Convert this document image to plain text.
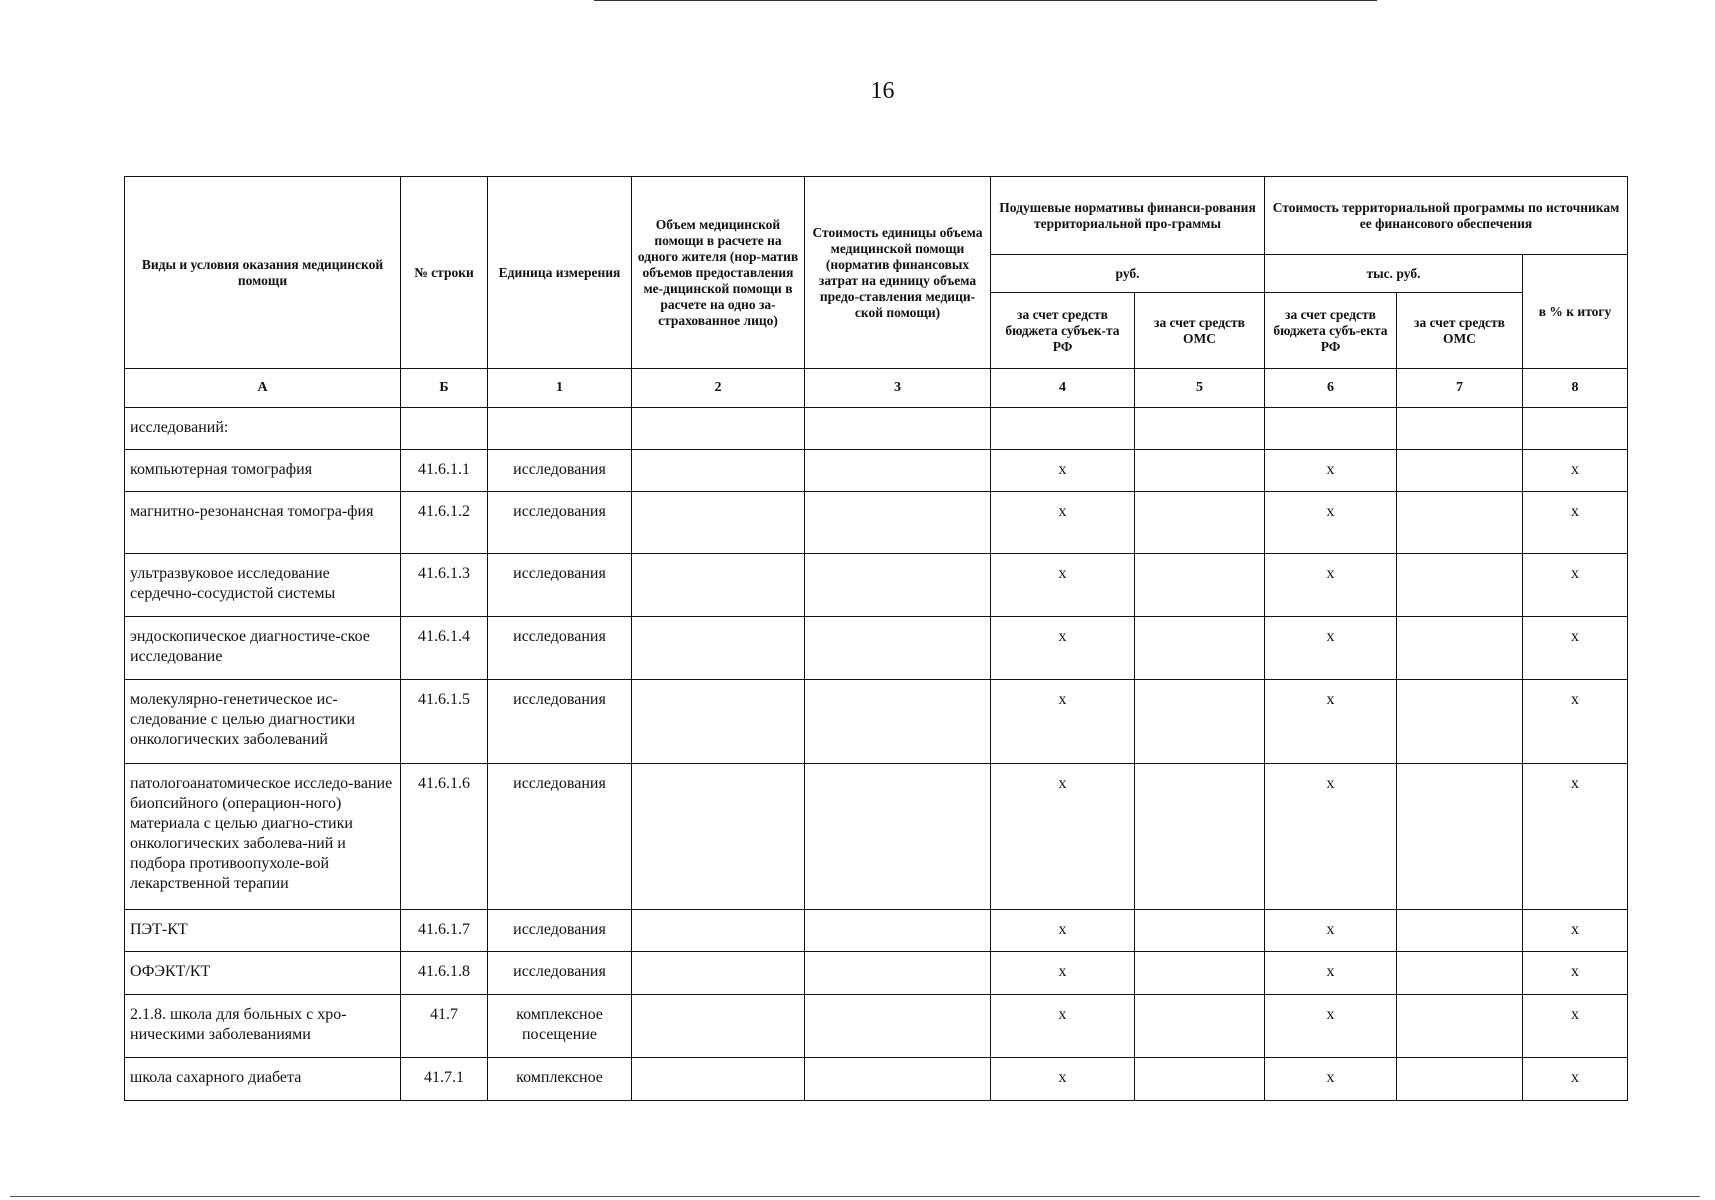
16
Виды и условия оказания медицинской помощи	№ строки	Единица измерения	Объем медицинской помощи в расчете на одного жителя (нор-матив объемов предоставления ме-дицинской помощи в расчете на одно за-страхованное лицо)	Стоимость единицы объема медицинской помощи (норматив финансовых затрат на единицу объема предо-ставления медици-ской помощи)	Подушевые нормативы финанси-рования территориальной про-граммы		Стоимость территориальной программы по источникам ее финансового обеспечения		
					руб.		тыс. руб.		в % к итогу
					за счет средств бюджета субъек-та РФ	за счет средств ОМС	за счет средств бюджета субъ-екта РФ	за счет средств ОМС	
А	Б	1	2	3	4	5	6	7	8
исследований:									
компьютерная томография	41.6.1.1	исследования			x		x		x
магнитно-резонансная томогра-фия	41.6.1.2	исследования			x		x		x
ультразвуковое исследование сердечно-сосудистой системы	41.6.1.3	исследования			x		x		x
эндоскопическое диагностиче-ское исследование	41.6.1.4	исследования			x		x		x
молекулярно-генетическое ис-следование с целью диагностики онкологических заболеваний	41.6.1.5	исследования			x		x		x
патологоанатомическое исследо-вание биопсийного (операцион-ного) материала с целью диагно-стики онкологических заболева-ний и подбора противоопухоле-вой лекарственной терапии	41.6.1.6	исследования			x		x		x
ПЭТ-КТ	41.6.1.7	исследования			x		x		x
ОФЭКТ/КТ	41.6.1.8	исследования			x		x		x
2.1.8. школа для больных с хро-ническими заболеваниями	41.7	комплексное посещение			x		x		x
школа сахарного диабета	41.7.1	комплексное			x		x		x
